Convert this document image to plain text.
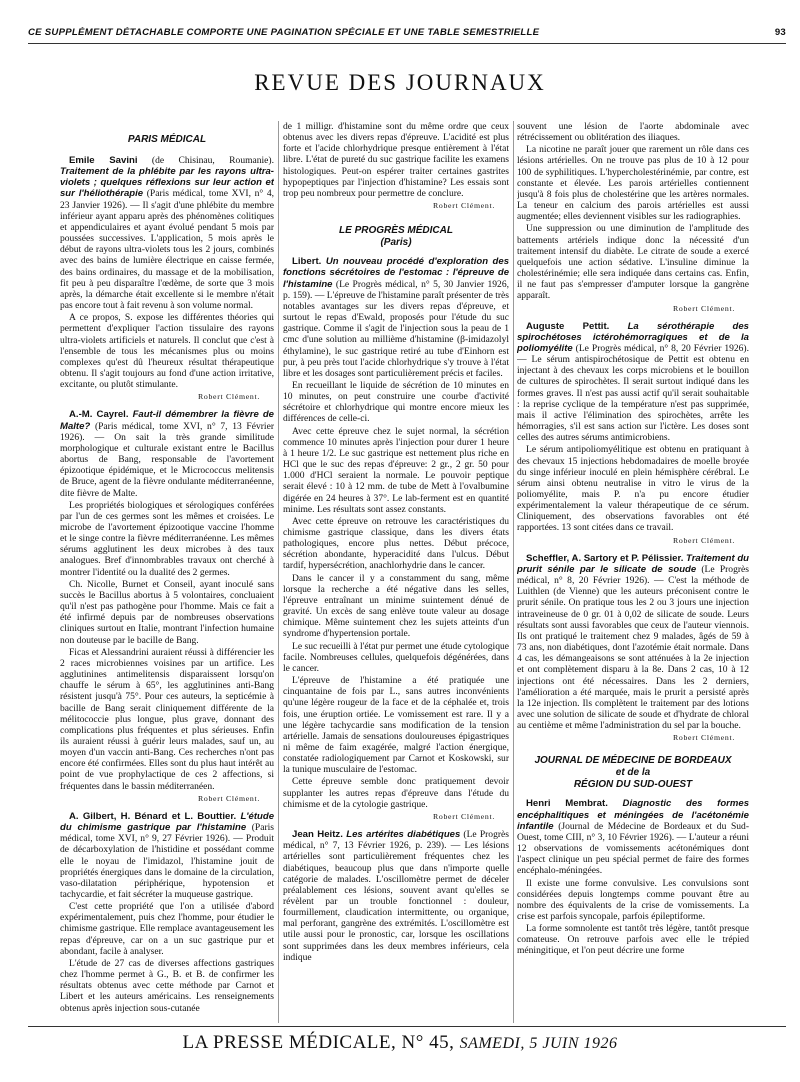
CE SUPPLÉMENT DÉTACHABLE COMPORTE UNE PAGINATION SPÉCIALE ET UNE TABLE SEMESTRIELLE	93
REVUE DES JOURNAUX
PARIS MÉDICAL

Emile Savini (de Chisinau, Roumanie). Traitement de la phlébite par les rayons ultra-violets ; quelques réflexions sur leur action et sur l'héliothérapie (Paris médical, tome XVI, n° 4, 23 Janvier 1926). — Il s'agit d'une phlébite du membre inférieur ayant apparu après des phénomènes colitiques et appendiculaires et ayant évolué pendant 5 mois par poussées successives. L'application, 5 mois après le début de rayons ultra-violets tous les 2 jours, combinés avec des bains de lumière électrique en caisse fermée, des bains ordinaires, du massage et de la mobilisation, fit peu à peu disparaître l'œdème, de sorte que 3 mois après, la démarche était excellente si le membre n'était pas encore tout à fait revenu à son volume normal.

A ce propos, S. expose les différentes théories qui permettent d'expliquer l'action tissulaire des rayons ultra-violets artificiels et naturels. Il conclut que c'est à l'ensemble de tous les mécanismes plus ou moins complexes qu'est dû l'heureux résultat thérapeutique obtenu. Il s'agit toujours au fond d'une action irritative, excitante, ou plutôt stimulante.

Robert Clément.

A.-M. Cayrel. Faut-il démembrer la fièvre de Malte? (Paris médical, tome XVI, n° 7, 13 Février 1926). — On sait la très grande similitude morphologique et culturale existant entre le Bacillus abortus de Bang, responsable de l'avortement épizootique épidémique, et le Micrococcus melitensis de Bruce, agent de la fièvre ondulante méditerranéenne, dite fièvre de Malte.

Les propriétés biologiques et sérologiques conférées par l'un de ces germes sont les mêmes et croisées. Le microbe de l'avortement épizootique vaccine l'homme et le singe contre la fièvre méditerranéenne. Les mêmes sérums agglutinent les deux microbes à des taux analogues. Bref d'innombrables travaux ont cherché à montrer l'identité ou la dualité des 2 germes.

Ch. Nicolle, Burnet et Conseil, ayant inoculé sans succès le Bacillus abortus à 5 volontaires, concluaient qu'il n'est pas pathogène pour l'homme. Mais ce fait a été infirmé depuis par de nombreuses observations cliniques surtout en Italie, montrant l'infection humaine non douteuse par le bacille de Bang.

Ficas et Alessandrini auraient réussi à différencier les 2 races microbiennes voisines par un artifice. Les agglutinines antimelitensis disparaissent lorsqu'on chauffe le sérum à 65°, les agglutinines anti-Bang résistent jusqu'à 75°. Pour ces auteurs, la septicémie à bacille de Bang serait cliniquement différente de la mélitococcie plus longue, plus grave, donnant des complications plus fréquentes et plus sérieuses. Enfin ils auraient réussi à guérir leurs malades, sauf un, au moyen d'un vaccin anti-Bang. Ces recherches n'ont pas encore été confirmées. Elles sont du plus haut intérêt au point de vue prophylactique de ces 2 affections, si fréquentes dans le bassin méditerranéen.

Robert Clément.

A. Gilbert, H. Bénard et L. Bouttier. L'étude du chimisme gastrique par l'histamine (Paris médical, tome XVI, n° 9, 27 Février 1926). — Produit de décarboxylation de l'histidine et possédant comme elle le noyau de l'imidazol, l'histamine jouit de propriétés énergiques dans le domaine de la circulation, vaso-dilatation périphérique, hypotension et tachycardie, et fait sécréter la muqueuse gastrique.

C'est cette propriété que l'on a utilisée d'abord expérimentalement, puis chez l'homme, pour étudier le chimisme gastrique. Elle remplace avantageusement les repas d'épreuve, car on a un suc gastrique pur et abondant, facile à analyser.

L'étude de 27 cas de diverses affections gastriques chez l'homme permet à G., B. et B. de confirmer les résultats obtenus avec cette méthode par Carnot et Libert et les auteurs américains. Les renseignements obtenus après injection sous-cutanée

de 1 milligr. d'histamine sont du même ordre que ceux obtenus avec les divers repas d'épreuve. L'acidité est plus forte et l'acide chlorhydrique presque entièrement à l'état libre. L'état de pureté du suc gastrique facilite les examens histologiques. Peut-on espérer traiter certaines gastrites hypopeptiques par l'injection d'histamine? Les essais sont trop peu nombreux pour permettre de conclure.

Robert Clément.
LE PROGRÈS MÉDICAL
(Paris)

Libert. Un nouveau procédé d'exploration des fonctions sécrétoires de l'estomac : l'épreuve de l'histamine (Le Progrès médical, n° 5, 30 Janvier 1926, p. 159). — L'épreuve de l'histamine paraît présenter de très notables avantages sur les divers repas d'épreuve, et surtout le repas d'Ewald, proposés pour l'étude du suc gastrique. Comme il s'agit de l'injection sous la peau de 1 cmc d'une solution au millième d'histamine (β-imidazolyl éthylamine), le suc gastrique retiré au tube d'Einhorn est pur, à peu près tout l'acide chlorhydrique s'y trouve à l'état libre et les dosages sont particulièrement précis et faciles.

En recueillant le liquide de sécrétion de 10 minutes en 10 minutes, on peut construire une courbe d'activité sécrétoire et chlorhydrique qui montre encore mieux les différences de celle-ci.

Avec cette épreuve chez le sujet normal, la sécrétion commence 10 minutes après l'injection pour durer 1 heure à 1 heure 1/2. Le suc gastrique est nettement plus riche en HCl que le suc des repas d'épreuve: 2 gr., 2 gr. 50 pour 1.000 d'HCl seraient la normale. Le pouvoir peptique serait élevé : 10 à 12 mm. de tube de Mett à l'ovalbumine digérée en 24 heures à 37°. Le lab-ferment est en quantité minime. Les résultats sont assez constants.

Avec cette épreuve on retrouve les caractéristiques du chimisme gastrique classique, dans les divers états pathologiques, encore plus nettes. Début précoce, sécrétion abondante, hyperacidité dans l'ulcus. Début tardif, hypersécrétion, anachlorhydrie dans le cancer.

Dans le cancer il y a constamment du sang, même lorsque la recherche a été négative dans les selles, l'épreuve entraînant un minime suintement dénué de gravité. Un excès de sang enlève toute valeur au dosage chimique. Même suintement chez les sujets atteints d'un syndrome d'hypertension portale.

Le suc recueilli à l'état pur permet une étude cytologique facile. Nombreuses cellules, quelquefois dégénérées, dans le cancer.

L'épreuve de l'histamine a été pratiquée une cinquantaine de fois par L., sans autres inconvénients qu'une légère rougeur de la face et de la céphalée et, trois fois, une éruption ortiée. Le vomissement est rare. Il y a une légère tachycardie sans modification de la tension artérielle. Jamais de sensations douloureuses épigastriques ni même de faim exagérée, malgré l'action énergique, constatée radiologiquement par Carnot et Koskowski, sur la tunique musculaire de l'estomac.

Cette épreuve semble donc pratiquement devoir supplanter les autres repas d'épreuve dans l'étude du chimisme et de la cytologie gastrique.

Robert Clément.

Jean Heitz. Les artérites diabétiques (Le Progrès médical, n° 7, 13 Février 1926, p. 239). — Les lésions artérielles sont particulièrement fréquentes chez les diabétiques, beaucoup plus que dans n'importe quelle catégorie de malades. L'oscillomètre permet de déceler préalablement ces lésions, souvent avant qu'elles se révèlent par un trouble fonctionnel : douleur, fourmillement, claudication intermittente, ou organique, mal perforant, gangrène des extrémités. L'oscillomètre est utile aussi pour le pronostic, car, lorsque les oscillations sont supprimées dans les deux membres inférieurs, cela indique

souvent une lésion de l'aorte abdominale avec rétrécissement ou oblitération des iliaques.

La nicotine ne paraît jouer que rarement un rôle dans ces lésions artérielles. On ne trouve pas plus de 10 à 12 pour 100 de syphilitiques. L'hypercholestérinémie, par contre, est constante et élevée. Les parois artérielles contiennent jusqu'à 8 fois plus de cholestérine que les artères normales. La teneur en calcium des parois artérielles est aussi augmentée; elles deviennent visibles sur les radiographies.

Une suppression ou une diminution de l'amplitude des battements artériels indique donc la nécessité d'un traitement intensif du diabète. Le citrate de soude a exercé quelquefois une action sédative. L'insuline diminue la cholestérinémie; elle sera indiquée dans certains cas. Enfin, il ne faut pas s'empresser d'amputer lorsque la gangrène apparaît.

Robert Clément.

Auguste Pettit. La sérothérapie des spirochétoses ictérohémorragiques et de la poliomyélite (Le Progrès médical, n° 8, 20 Février 1926). — Le sérum antispirochétosique de Pettit est obtenu en injectant à des chevaux les corps microbiens et le bouillon de cultures de spirochètes. Il serait surtout indiqué dans les formes graves. Il n'est pas aussi actif qu'il serait souhaitable : la reprise cyclique de la température n'est pas supprimée, mais il active l'élimination des spirochètes, arrête les hémorragies, s'il est sans action sur l'ictère. Les doses sont celles des autres sérums antimicrobiens.

Le sérum antipoliomyélitique est obtenu en pratiquant à des chevaux 15 injections hebdomadaires de moelle broyée du singe inférieur inoculé en plein hémisphère cérébral. Le sérum ainsi obtenu neutralise in vitro le virus de la poliomyélite, mais P. n'a pu encore étudier expérimentalement la valeur thérapeutique de ce sérum. Cliniquement, des observations favorables ont été rapportées. 13 sont citées dans ce travail.

Robert Clément.

Scheffler, A. Sartory et P. Pélissier. Traitement du prurit sénile par le silicate de soude (Le Progrès médical, n° 8, 20 Février 1926). — C'est la méthode de Luithlen (de Vienne) que les auteurs préconisent contre le prurit sénile. On pratique tous les 2 ou 3 jours une injection intraveineuse de 0 gr. 01 à 0,02 de silicate de soude. Leurs résultats sont aussi favorables que ceux de l'auteur viennois. Ils ont pratiqué le traitement chez 9 malades, âgés de 59 à 73 ans, non diabétiques, dont l'azotémie était normale. Dans 4 cas, les démangeaisons se sont atténuées à la 2e injection et ont complètement disparu à la 8e. Dans 2 cas, 10 à 12 injections ont été nécessaires. Dans les 2 derniers, l'amélioration a été marquée, mais le prurit a persisté après la 12e injection. Ils complètent le traitement par des lotions avec une solution de silicate de soude et d'hydrate de chloral au centième et même l'administration du sel par la bouche.

Robert Clément.
JOURNAL DE MÉDECINE DE BORDEAUX
et de la
RÉGION DU SUD-OUEST

Henri Membrat. Diagnostic des formes encéphalitiques et méningées de l'acétonémie infantile (Journal de Médecine de Bordeaux et du Sud-Ouest, tome CIII, n° 3, 10 Février 1926). — L'auteur a réuni 12 observations de vomissements acétonémiques dont l'aspect clinique un peu spécial permet de faire des formes encéphalo-méningées.

Il existe une forme convulsive. Les convulsions sont considérées depuis longtemps comme pouvant être au nombre des équivalents de la crise de vomissements. La crise est parfois syncopale, parfois épileptiforme.

La forme somnolente est tantôt très légère, tantôt presque comateuse. On retrouve parfois avec elle le trépied méningitique, et l'on peut décrire une forme

LA PRESSE MÉDICALE, N° 45, SAMEDI, 5 JUIN 1926
